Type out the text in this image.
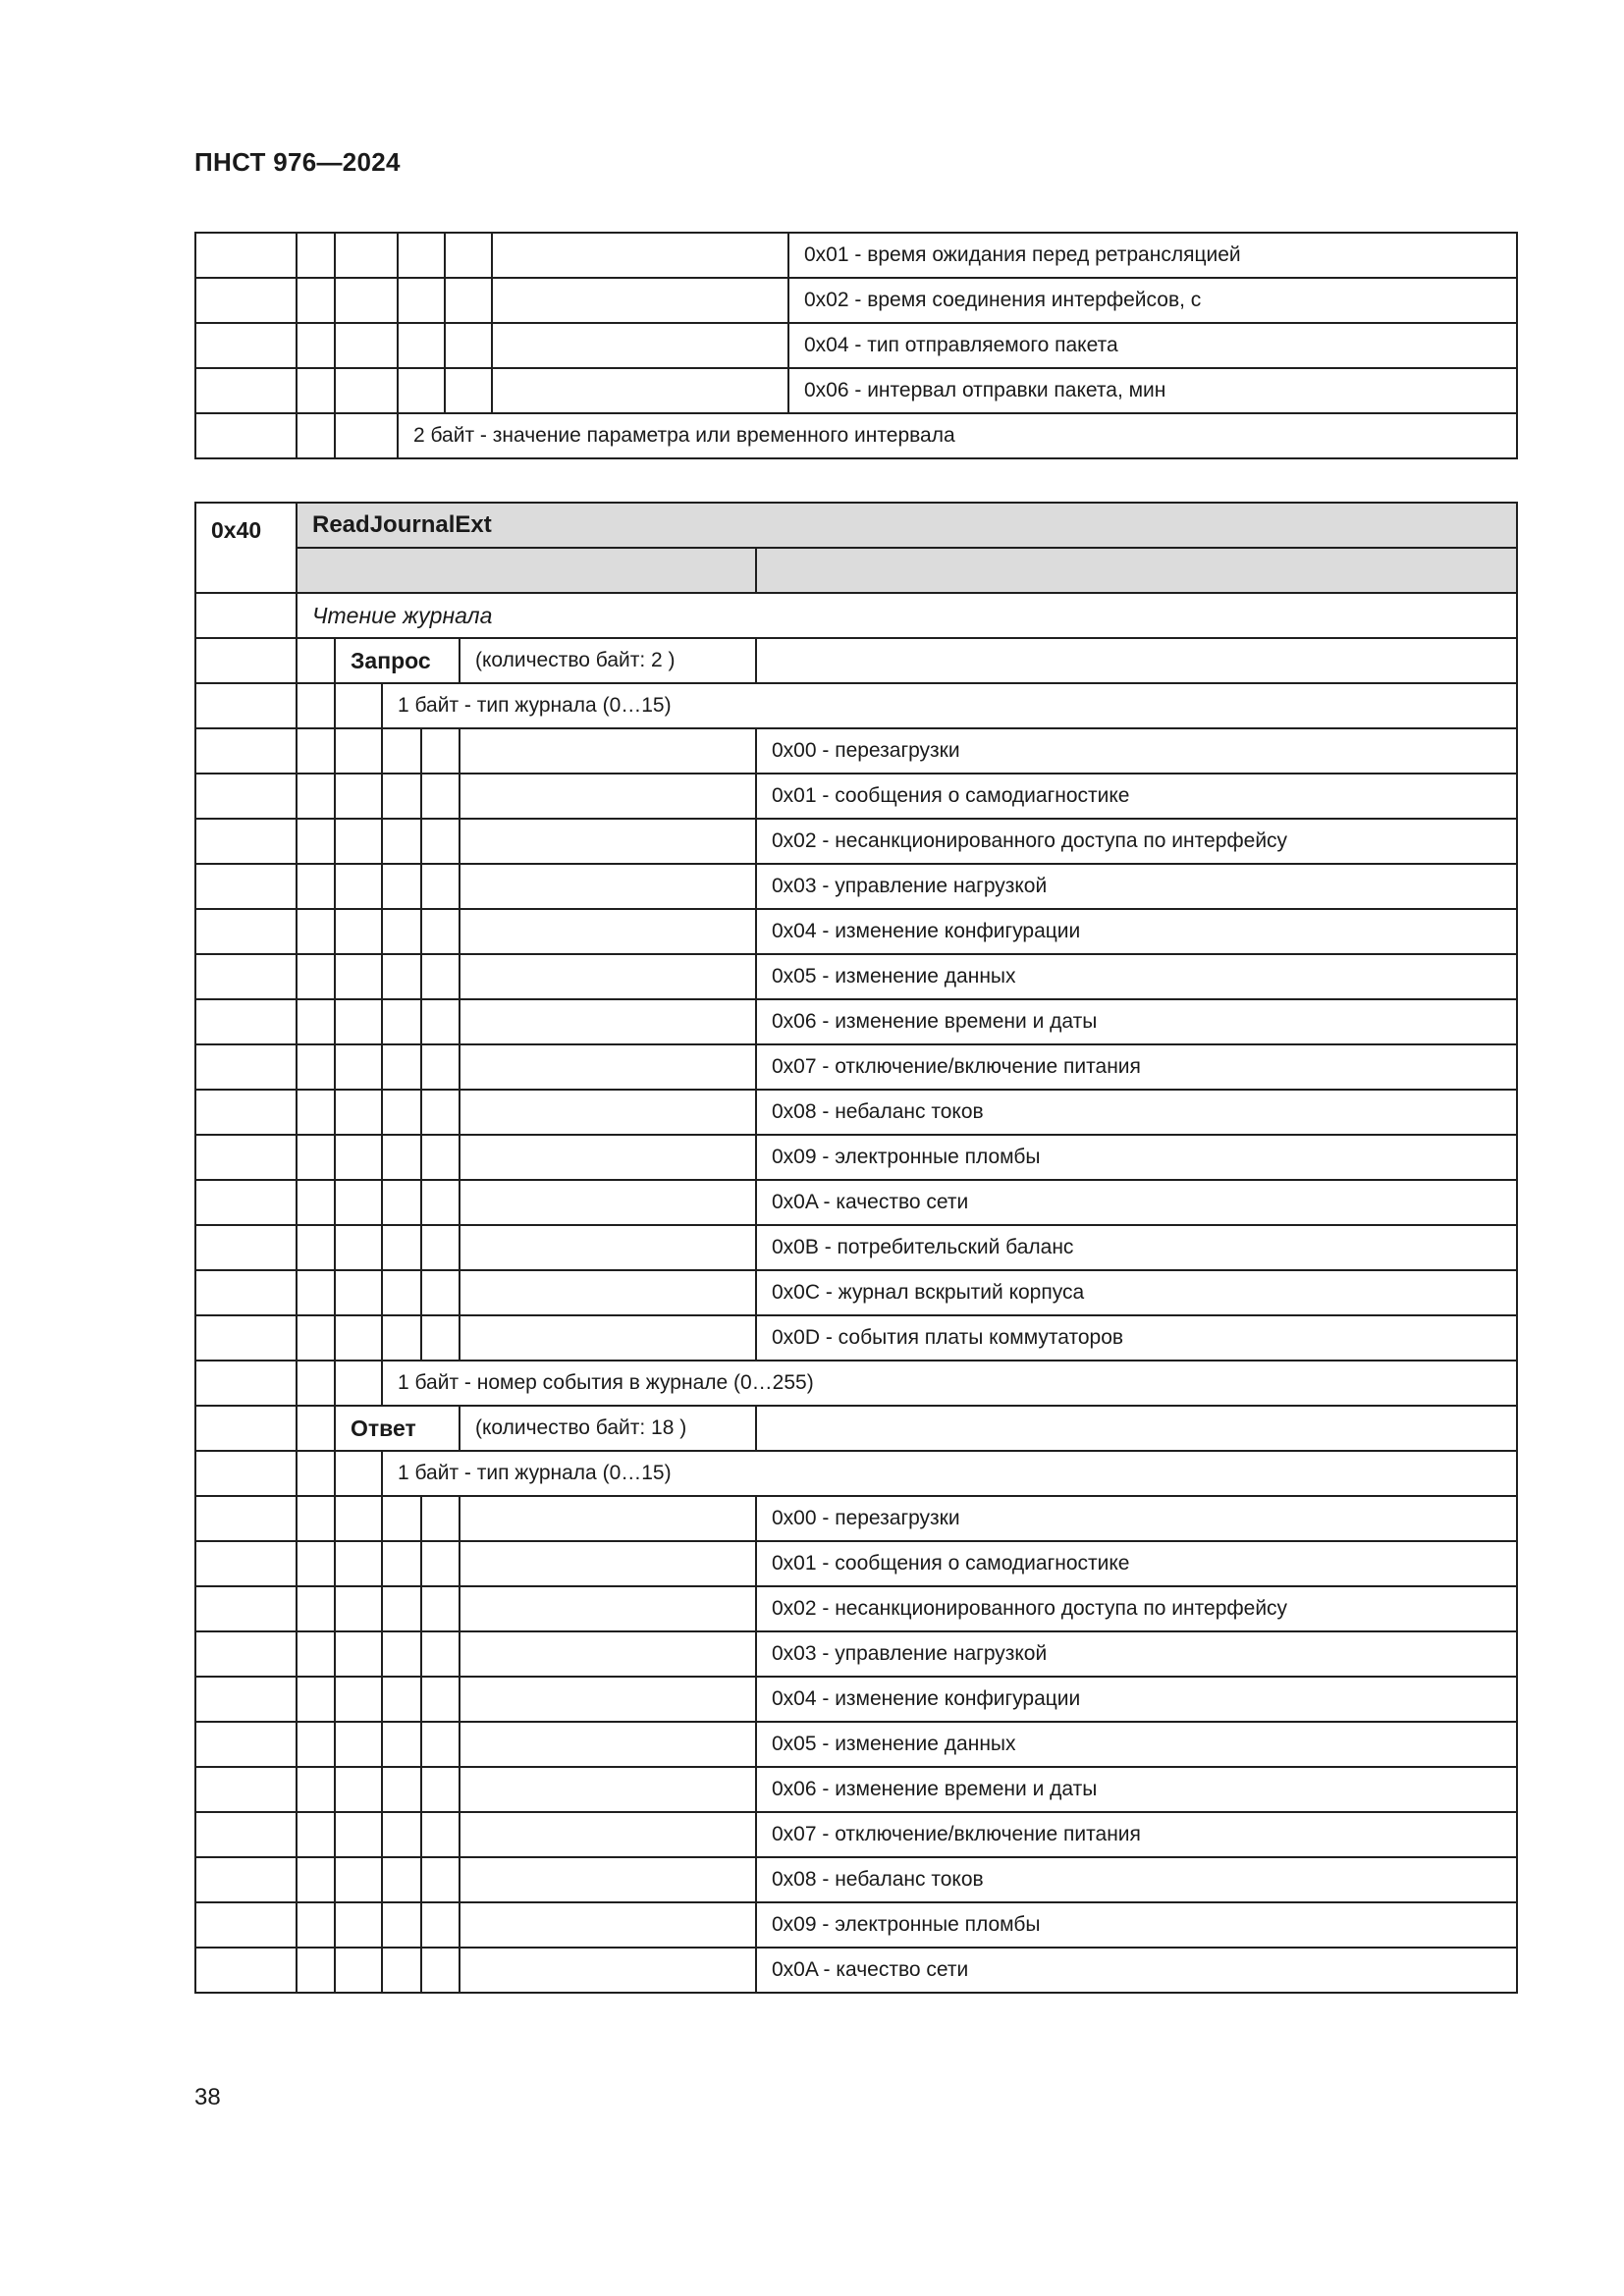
ПНСТ 976—2024
						0x01 - время ожидания перед ретрансляцией
						0x02 - время соединения интерфейсов, с
						0x04 - тип отправляемого пакета
						0x06 - интервал отправки пакета, мин
			2 байт - значение параметра или временного интервала			
0x40	ReadJournalExt					

	Чтение журнала					
		Запрос			(количество байт: 2 )	
			1 байт - тип журнала (0…15)			
						0x00 - перезагрузки
						0x01 - сообщения о самодиагностике
						0x02 - несанкционированного доступа по интерфейсу
						0x03 - управление нагрузкой
						0x04 - изменение конфигурации
						0x05 - изменение данных
						0x06 - изменение времени и даты
						0x07 - отключение/включение питания
						0x08 - небаланс токов
						0x09 - электронные пломбы
						0x0A - качество сети
						0x0B - потребительский баланс
						0x0C - журнал вскрытий корпуса
						0x0D - события платы коммутаторов
			1 байт - номер события в журнале (0…255)			
		Ответ			(количество байт: 18 )	
			1 байт - тип журнала (0…15)			
						0x00 - перезагрузки
						0x01 - сообщения о самодиагностике
						0x02 - несанкционированного доступа по интерфейсу
						0x03 - управление нагрузкой
						0x04 - изменение конфигурации
						0x05 - изменение данных
						0x06 - изменение времени и даты
						0x07 - отключение/включение питания
						0x08 - небаланс токов
						0x09 - электронные пломбы
						0x0A - качество сети
38
